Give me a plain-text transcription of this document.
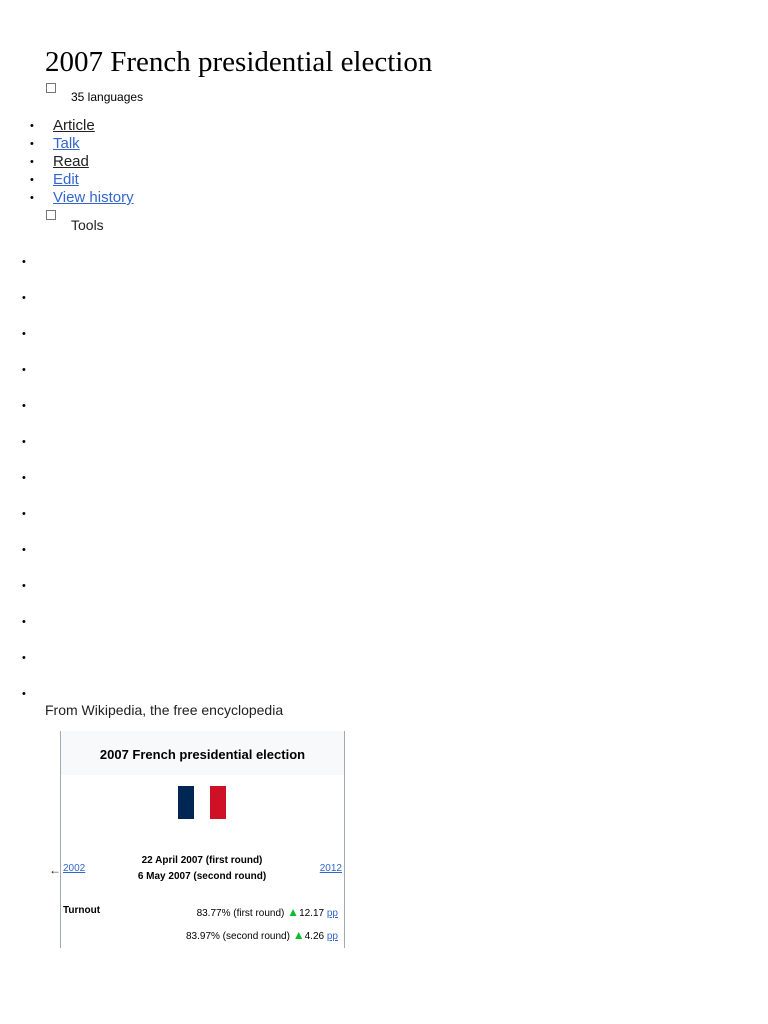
2007 French presidential election
35 languages
• Article
• Talk
• Read
• Edit
• View history
Tools
•
•
•
•
•
•
•
•
•
•
•
•
•
From Wikipedia, the free encyclopedia
2007 French presidential election
← 2002
22 April 2007 (first round)
6 May 2007 (second round)
2012
Turnout	83.77% (first round) ▲12.17 pp
83.97% (second round) ▲4.26 pp
